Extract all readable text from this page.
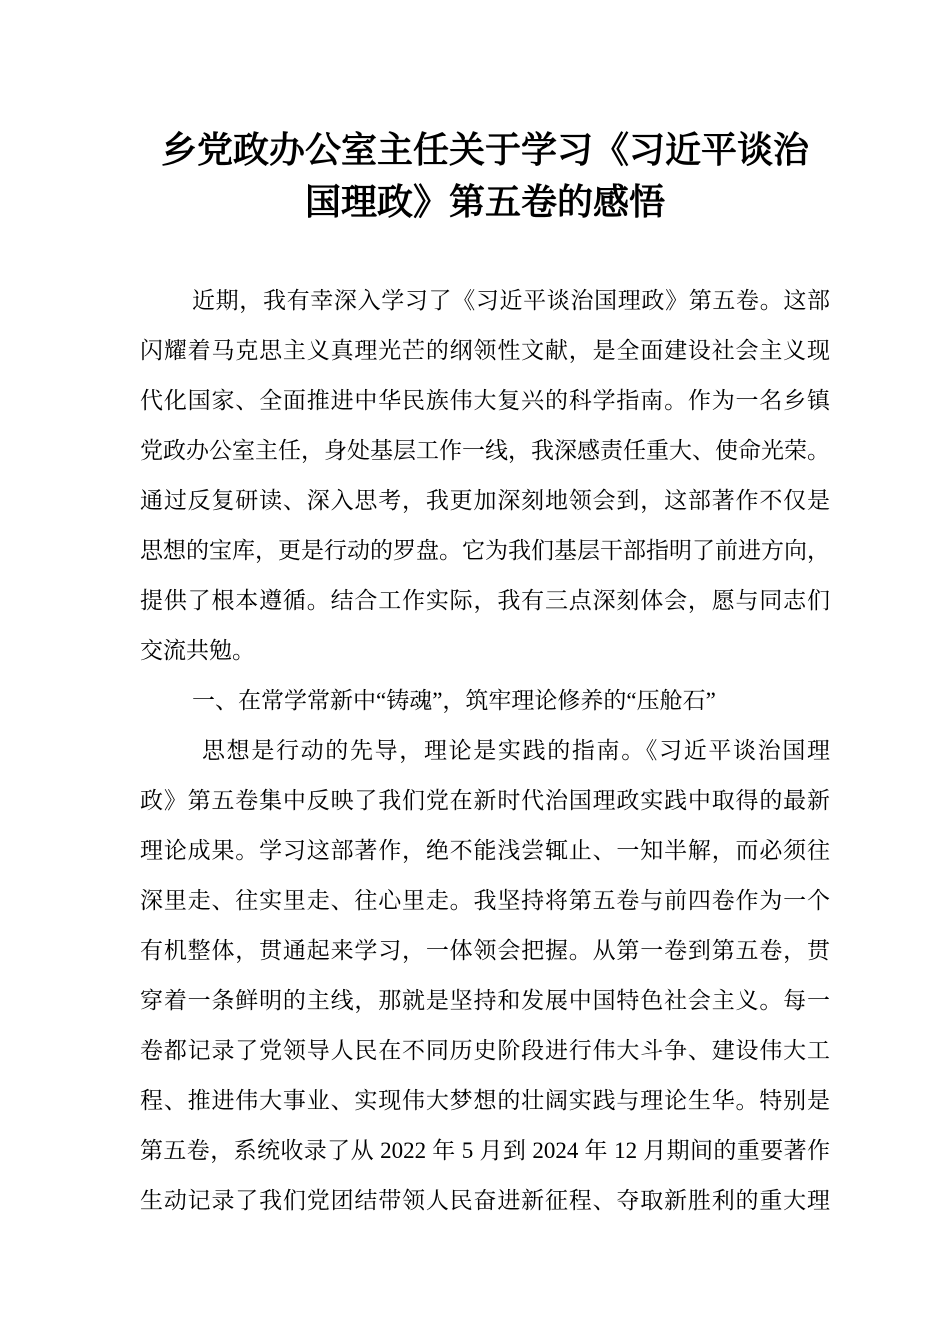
乡党政办公室主任关于学习《习近平谈治
国理政》第五卷的感悟
近期，我有幸深入学习了《习近平谈治国理政》第五卷。这部
闪耀着马克思主义真理光芒的纲领性文献，是全面建设社会主义现
代化国家、全面推进中华民族伟大复兴的科学指南。作为一名乡镇
党政办公室主任，身处基层工作一线，我深感责任重大、使命光荣。
通过反复研读、深入思考，我更加深刻地领会到，这部著作不仅是
思想的宝库，更是行动的罗盘。它为我们基层干部指明了前进方向，
提供了根本遵循。结合工作实际，我有三点深刻体会，愿与同志们
交流共勉。
一、在常学常新中“铸魂”，筑牢理论修养的“压舱石”
思想是行动的先导，理论是实践的指南。《习近平谈治国理
政》第五卷集中反映了我们党在新时代治国理政实践中取得的最新
理论成果。学习这部著作，绝不能浅尝辄止、一知半解，而必须往
深里走、往实里走、往心里走。我坚持将第五卷与前四卷作为一个
有机整体，贯通起来学习，一体领会把握。从第一卷到第五卷，贯
穿着一条鲜明的主线，那就是坚持和发展中国特色社会主义。每一
卷都记录了党领导人民在不同历史阶段进行伟大斗争、建设伟大工
程、推进伟大事业、实现伟大梦想的壮阔实践与理论生华。特别是
第五卷，系统收录了从 2022 年 5 月到 2024 年 12 月期间的重要著作
生动记录了我们党团结带领人民奋进新征程、夺取新胜利的重大理
